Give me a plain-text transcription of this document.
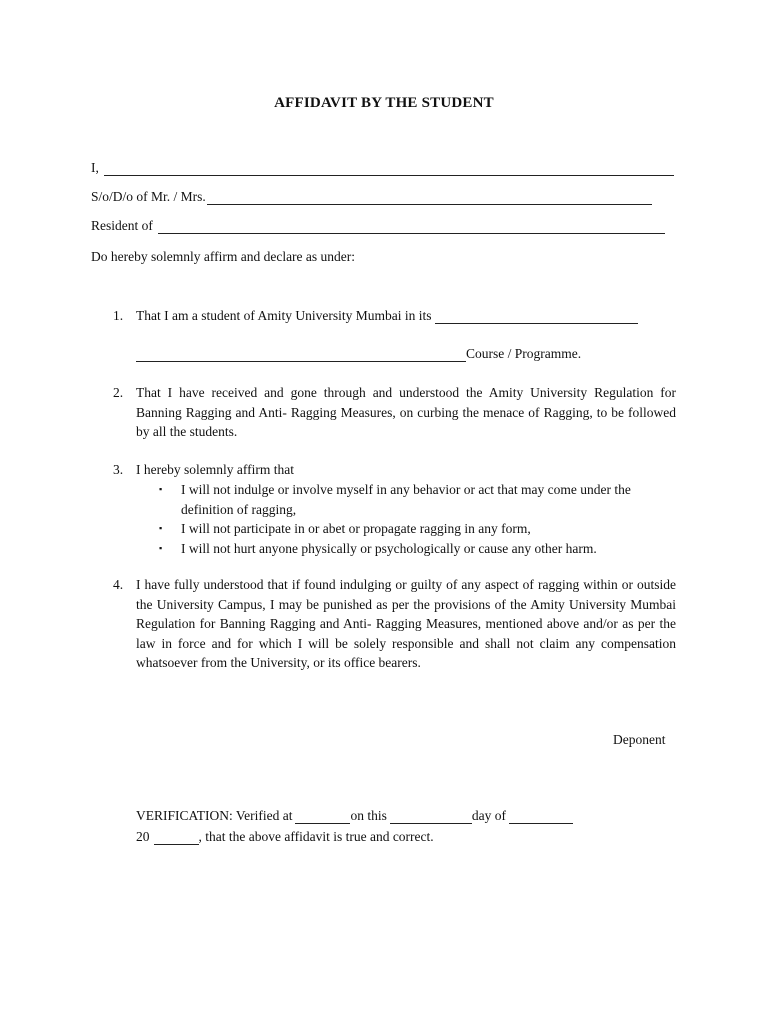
AFFIDAVIT BY THE STUDENT
I,
S/o/D/o of Mr. / Mrs.
Resident of
Do hereby solemnly affirm and declare as under:
1. That I am a student of Amity University Mumbai in its
Course / Programme.
2. That I have received and gone through and understood the Amity University Regulation for Banning Ragging and Anti- Ragging Measures, on curbing the menace of Ragging, to be followed by all the students.
3. I hereby solemnly affirm that
▪ I will not indulge or involve myself in any behavior or act that may come under the definition of ragging,
▪ I will not participate in or abet or propagate ragging in any form,
▪ I will not hurt anyone physically or psychologically or cause any other harm.
4. I have fully understood that if found indulging or guilty of any aspect of ragging within or outside the University Campus, I may be punished as per the provisions of the Amity University Mumbai Regulation for Banning Ragging and Anti- Ragging Measures, mentioned above and/or as per the law in force and for which I will be solely responsible and shall not claim any compensation whatsoever from the University, or its office bearers.
Deponent
VERIFICATION: Verified at	on this	day of
20	, that the above affidavit is true and correct.
